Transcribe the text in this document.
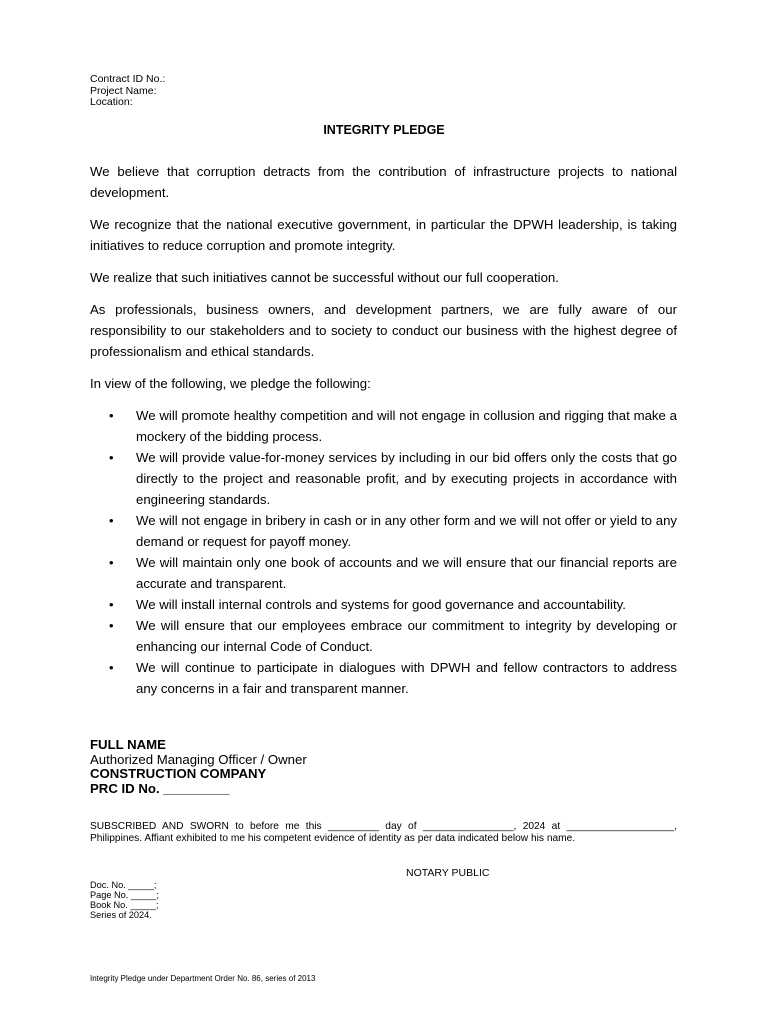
Contract ID No.:
Project Name:
Location:
INTEGRITY PLEDGE

We believe that corruption detracts from the contribution of infrastructure projects to national development.

We recognize that the national executive government, in particular the DPWH leadership, is taking initiatives to reduce corruption and promote integrity.

We realize that such initiatives cannot be successful without our full cooperation.

As professionals, business owners, and development partners, we are fully aware of our responsibility to our stakeholders and to society to conduct our business with the highest degree of professionalism and ethical standards.

In view of the following, we pledge the following:

• We will promote healthy competition and will not engage in collusion and rigging that make a mockery of the bidding process.
• We will provide value-for-money services by including in our bid offers only the costs that go directly to the project and reasonable profit, and by executing projects in accordance with engineering standards.
• We will not engage in bribery in cash or in any other form and we will not offer or yield to any demand or request for payoff money.
• We will maintain only one book of accounts and we will ensure that our financial reports are accurate and transparent.
• We will install internal controls and systems for good governance and accountability.
• We will ensure that our employees embrace our commitment to integrity by developing or enhancing our internal Code of Conduct.
• We will continue to participate in dialogues with DPWH and fellow contractors to address any concerns in a fair and transparent manner.
FULL NAME
Authorized Managing Officer / Owner
CONSTRUCTION COMPANY
PRC ID No. _________
SUBSCRIBED AND SWORN to before me this _________ day of ________________, 2024 at ___________________, Philippines. Affiant exhibited to me his competent evidence of identity as per data indicated below his name.
NOTARY PUBLIC
Doc. No. _____;
Page No. _____;
Book No. _____;
Series of 2024.
Integrity Pledge under Department Order No. 86, series of 2013
